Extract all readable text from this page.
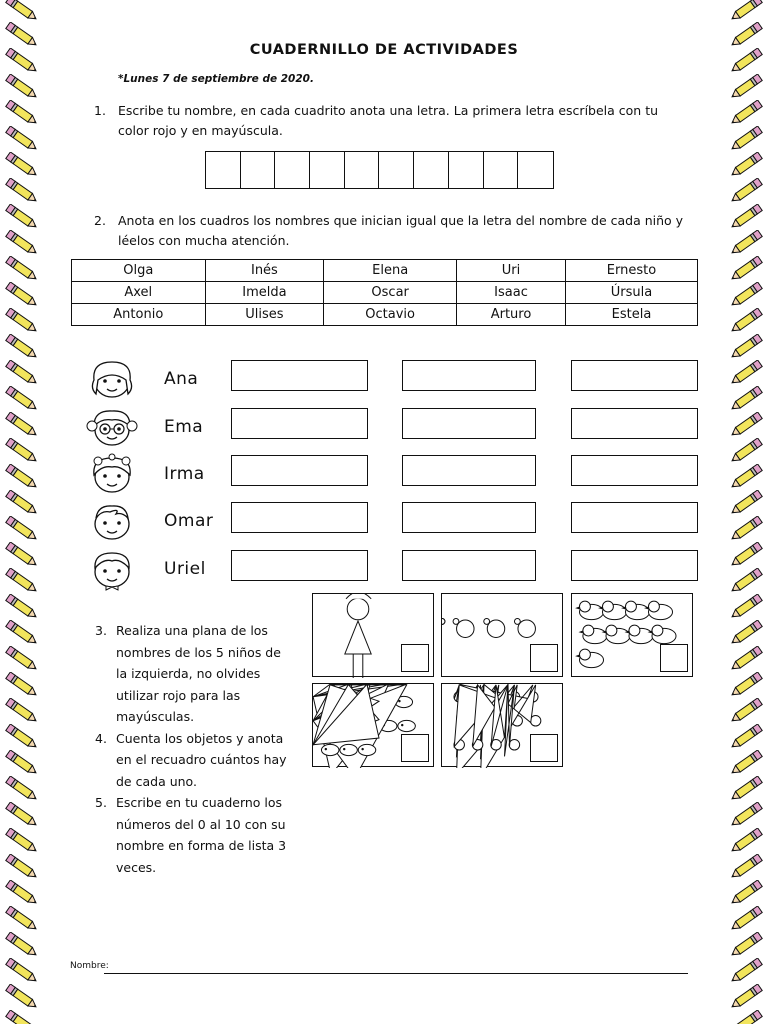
CUADERNILLO DE ACTIVIDADES
*Lunes 7 de septiembre de 2020.
1. Escribe tu nombre, en cada cuadrito anota una letra. La primera letra escríbela con tu
color rojo y en mayúscula.
2. Anota en los cuadros los nombres que inician igual que la letra del nombre de cada niño y
léelos con mucha atención.
Olga	Inés	Elena	Uri	Ernesto
Axel	Imelda	Oscar	Isaac	Úrsula
Antonio	Ulises	Octavio	Arturo	Estela
Ana
Ema
Irma
Omar
Uriel
3. Realiza una plana de los
nombres de los 5 niños de
la izquierda, no olvides
utilizar rojo para las
mayúsculas.
4. Cuenta los objetos y anota
en el recuadro cuántos hay
de cada uno.
5. Escribe en tu cuaderno los
números del 0 al 10 con su
nombre en forma de lista 3
veces.
Nombre:
